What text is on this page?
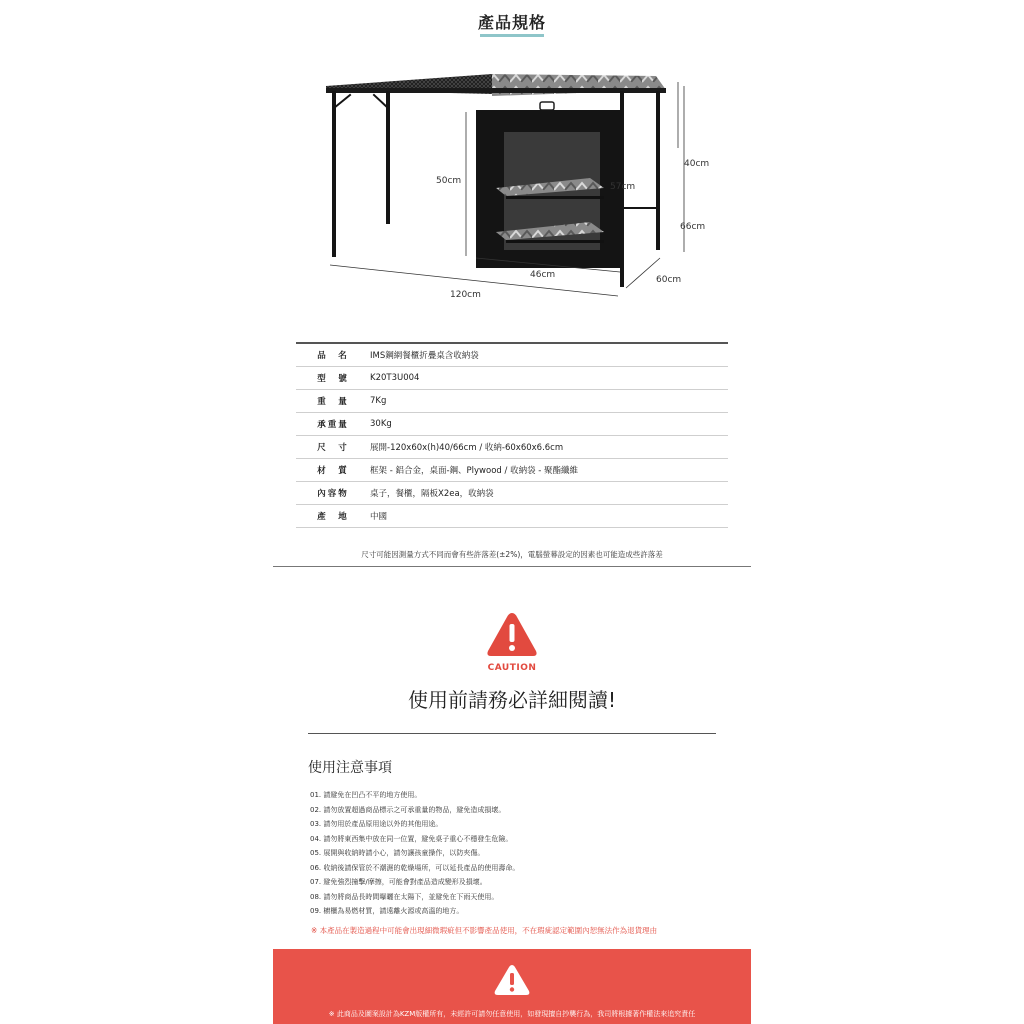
產品規格
40cm
50cm
57cm
66cm
46cm	60cm
120cm
品　名	IMS鋼網餐櫃折疊桌含收納袋
型　號	K20T3U004
重　量	7Kg
承重量	30Kg
尺　寸	展開-120x60x(h)40/66cm / 收納-60x60x6.6cm
材　質	框架 - 鋁合金，桌面-鋼、Plywood / 收納袋 - 聚酯纖維
內容物	桌子，餐櫃，隔板X2ea，收納袋
產　地	中國
尺寸可能因測量方式不同而會有些許落差(±2%)，電腦螢幕設定的因素也可能造成些許落差
CAUTION
使用前請務必詳細閱讀!
使用注意事項
01. 請避免在凹凸不平的地方使用。
02. 請勿放置超過商品標示之可承重量的物品，避免造成損壞。
03. 請勿用於產品原用途以外的其他用途。
04. 請勿將東西集中放在同一位置，避免桌子重心不穩發生危險。
05. 展開與收納時請小心，請勿讓孩童操作，以防夾傷。
06. 收納後請保管於不潮濕的乾燥場所，可以延長產品的使用壽命。
07. 避免強烈撞擊/摩擦，可能會對產品造成變形及損壞。
08. 請勿將商品長時間曝曬在太陽下，並避免在下雨天使用。
09. 櫥櫃為易燃材質，請遠離火源或高溫的地方。
※ 本產品在製造過程中可能會出現細微瑕疵但不影響產品使用，不在瑕疵認定範圍內恕無法作為退貨理由
※ 此商品及圖案設計為KZM版權所有，未經許可請勿任意使用，如發現擅自抄襲行為，我司將根據著作權法來追究責任
